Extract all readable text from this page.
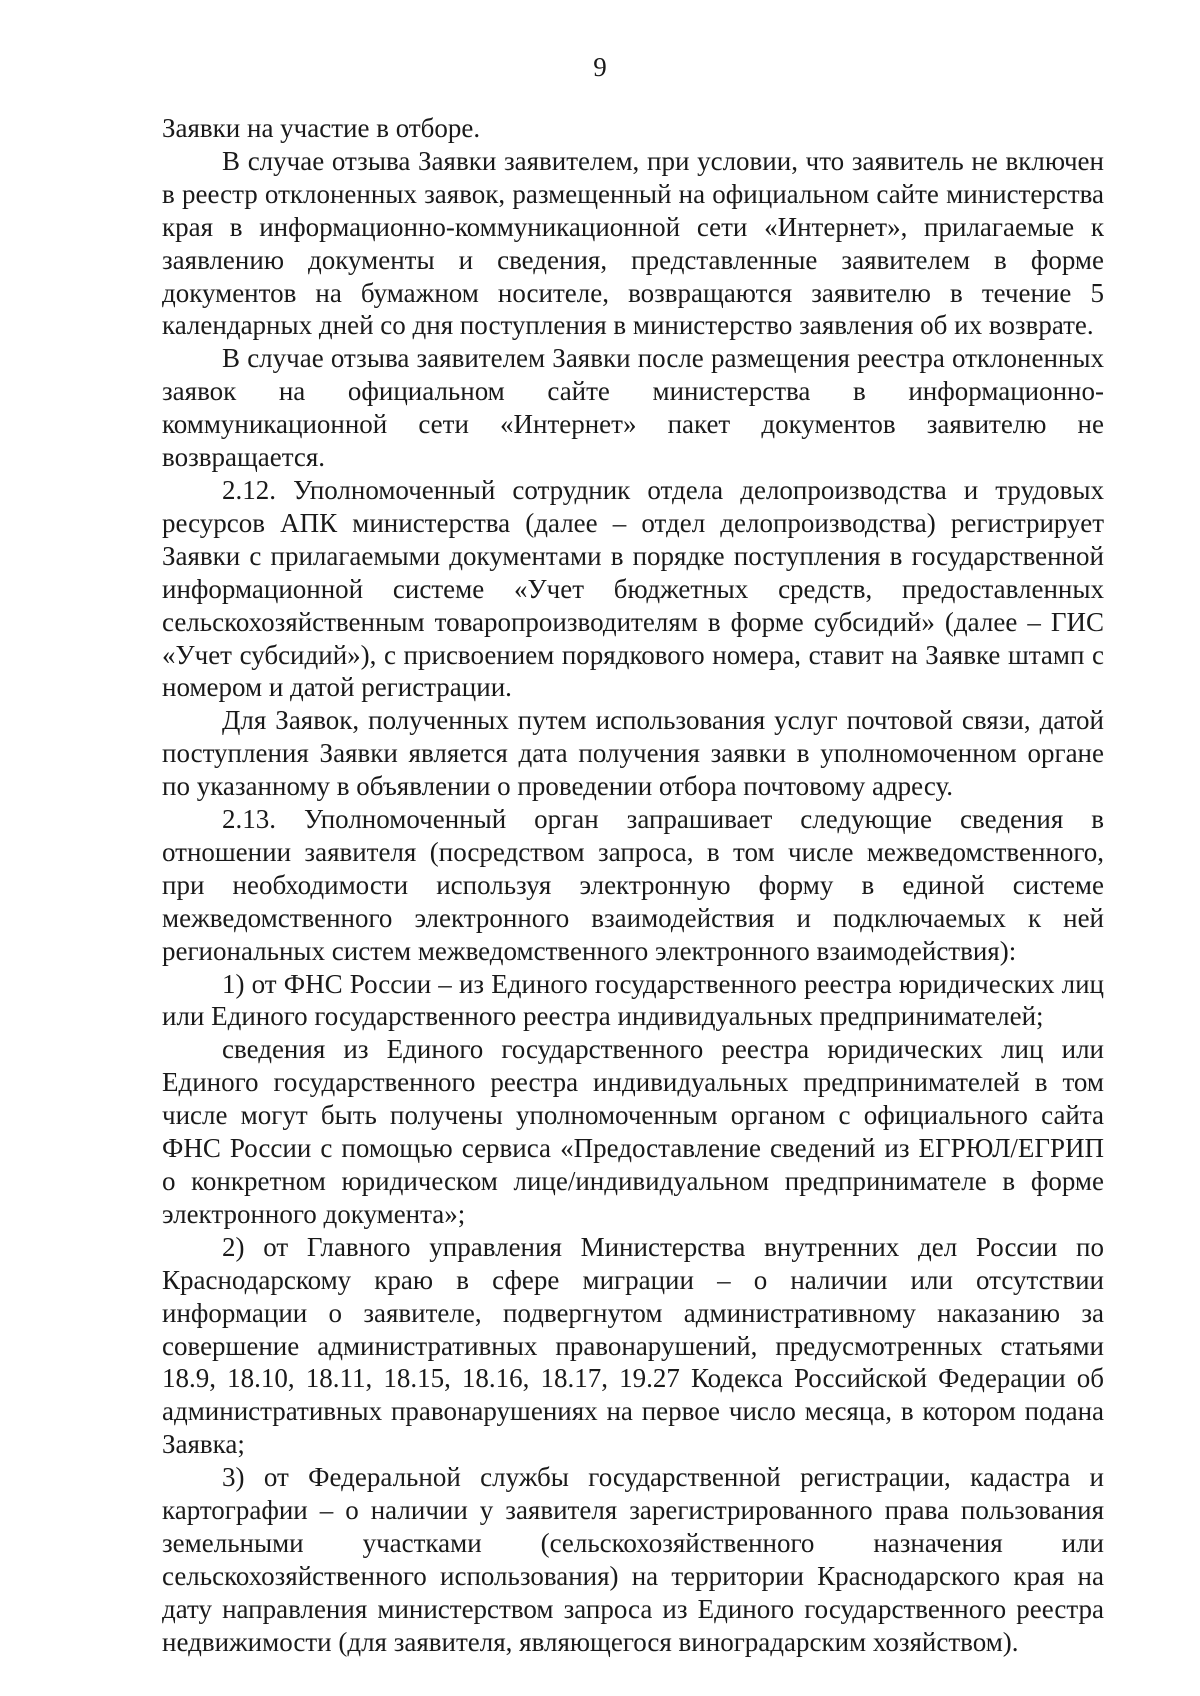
9

Заявки на участие в отборе.

В случае отзыва Заявки заявителем, при условии, что заявитель не включен в реестр отклоненных заявок, размещенный на официальном сайте министерства края в информационно-коммуникационной сети «Интернет», прилагаемые к заявлению документы и сведения, представленные заявителем в форме документов на бумажном носителе, возвращаются заявителю в течение 5 календарных дней со дня поступления в министерство заявления об их возврате.

В случае отзыва заявителем Заявки после размещения реестра отклоненных заявок на официальном сайте министерства в информационно-коммуникационной сети «Интернет» пакет документов заявителю не возвращается.

2.12. Уполномоченный сотрудник отдела делопроизводства и трудовых ресурсов АПК министерства (далее – отдел делопроизводства) регистрирует Заявки с прилагаемыми документами в порядке поступления в государственной информационной системе «Учет бюджетных средств, предоставленных сельскохозяйственным товаропроизводителям в форме субсидий» (далее – ГИС «Учет субсидий»), с присвоением порядкового номера, ставит на Заявке штамп с номером и датой регистрации.

Для Заявок, полученных путем использования услуг почтовой связи, датой поступления Заявки является дата получения заявки в уполномоченном органе по указанному в объявлении о проведении отбора почтовому адресу.

2.13. Уполномоченный орган запрашивает следующие сведения в отношении заявителя (посредством запроса, в том числе межведомственного, при необходимости используя электронную форму в единой системе межведомственного электронного взаимодействия и подключаемых к ней региональных систем межведомственного электронного взаимодействия):

1) от ФНС России – из Единого государственного реестра юридических лиц или Единого государственного реестра индивидуальных предпринимателей;

сведения из Единого государственного реестра юридических лиц или Единого государственного реестра индивидуальных предпринимателей в том числе могут быть получены уполномоченным органом с официального сайта ФНС России с помощью сервиса «Предоставление сведений из ЕГРЮЛ/ЕГРИП о конкретном юридическом лице/индивидуальном предпринимателе в форме электронного документа»;

2) от Главного управления Министерства внутренних дел России по Краснодарскому краю в сфере миграции – о наличии или отсутствии информации о заявителе, подвергнутом административному наказанию за совершение административных правонарушений, предусмотренных статьями 18.9, 18.10, 18.11, 18.15, 18.16, 18.17, 19.27 Кодекса Российской Федерации об административных правонарушениях на первое число месяца, в котором подана Заявка;

3) от Федеральной службы государственной регистрации, кадастра и картографии – о наличии у заявителя зарегистрированного права пользования земельными участками (сельскохозяйственного назначения или сельскохозяйственного использования) на территории Краснодарского края на дату направления министерством запроса из Единого государственного реестра недвижимости (для заявителя, являющегося виноградарским хозяйством).
